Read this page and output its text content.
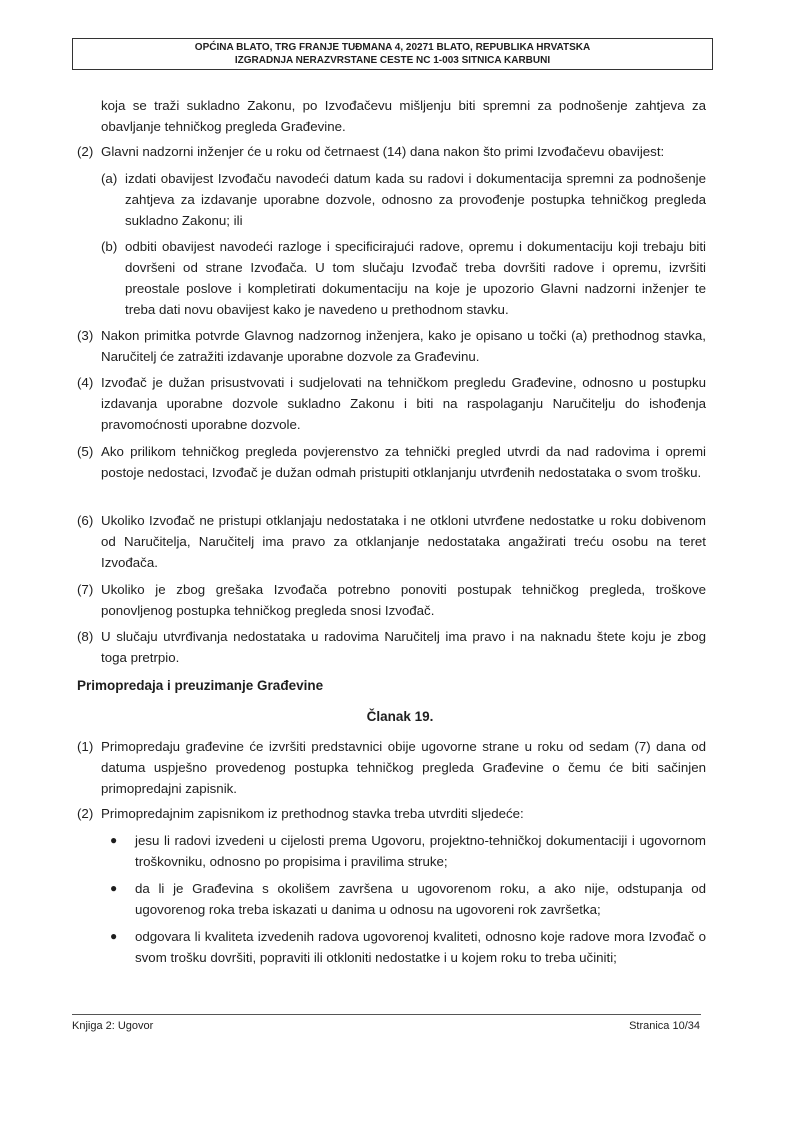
OPĆINA BLATO, TRG FRANJE TUĐMANA 4, 20271 BLATO, REPUBLIKA HRVATSKA
IZGRADNJA NERAZVRSTANE CESTE NC 1-003 SITNICA KARBUNI

koja se traži sukladno Zakonu, po Izvođačevu mišljenju biti spremni za podnošenje zahtjeva za obavljanje tehničkog pregleda Građevine.

(2) Glavni nadzorni inženjer će u roku od četrnaest (14) dana nakon što primi Izvođačevu obavijest:

(a) izdati obavijest Izvođaču navodeći datum kada su radovi i dokumentacija spremni za podnošenje zahtjeva za izdavanje uporabne dozvole, odnosno za provođenje postupka tehničkog pregleda sukladno Zakonu; ili

(b) odbiti obavijest navodeći razloge i specificirajući radove, opremu i dokumentaciju koji trebaju biti dovršeni od strane Izvođača. U tom slučaju Izvođač treba dovršiti radove i opremu, izvršiti preostale poslove i kompletirati dokumentaciju na koje je upozorio Glavni nadzorni inženjer te treba dati novu obavijest kako je navedeno u prethodnom stavku.

(3) Nakon primitka potvrde Glavnog nadzornog inženjera, kako je opisano u točki (a) prethodnog stavka, Naručitelj će zatražiti izdavanje uporabne dozvole za Građevinu.

(4) Izvođač je dužan prisustvovati i sudjelovati na tehničkom pregledu Građevine, odnosno u postupku izdavanja uporabne dozvole sukladno Zakonu i biti na raspolaganju Naručitelju do ishođenja pravomoćnosti uporabne dozvole.

(5) Ako prilikom tehničkog pregleda povjerenstvo za tehnički pregled utvrdi da nad radovima i opremi postoje nedostaci, Izvođač je dužan odmah pristupiti otklanjanju utvrđenih nedostataka o svom trošku.

(6) Ukoliko Izvođač ne pristupi otklanjaju nedostataka i ne otkloni utvrđene nedostatke u roku dobivenom od Naručitelja, Naručitelj ima pravo za otklanjanje nedostataka angažirati treću osobu na teret Izvođača.

(7) Ukoliko je zbog grešaka Izvođača potrebno ponoviti postupak tehničkog pregleda, troškove ponovljenog postupka tehničkog pregleda snosi Izvođač.

(8) U slučaju utvrđivanja nedostataka u radovima Naručitelj ima pravo i na naknadu štete koju je zbog toga pretrpio.

Primopredaja i preuzimanje Građevine
Članak 19.
(1) Primopredaju građevine će izvršiti predstavnici obije ugovorne strane u roku od sedam (7) dana od datuma uspješno provedenog postupka tehničkog pregleda Građevine o čemu će biti sačinjen primopredajni zapisnik.

(2) Primopredajnim zapisnikom iz prethodnog stavka treba utvrditi sljedeće:

● jesu li radovi izvedeni u cijelosti prema Ugovoru, projektno-tehničkoj dokumentaciji i ugovornom troškovniku, odnosno po propisima i pravilima struke;

● da li je Građevina s okolišem završena u ugovorenom roku, a ako nije, odstupanja od ugovorenog roka treba iskazati u danima u odnosu na ugovoreni rok završetka;

● odgovara li kvaliteta izvedenih radova ugovorenoj kvaliteti, odnosno koje radove mora Izvođač o svom trošku dovršiti, popraviti ili otkloniti nedostatke i u kojem roku to treba učiniti;

Knjiga 2: Ugovor	Stranica 10/34
